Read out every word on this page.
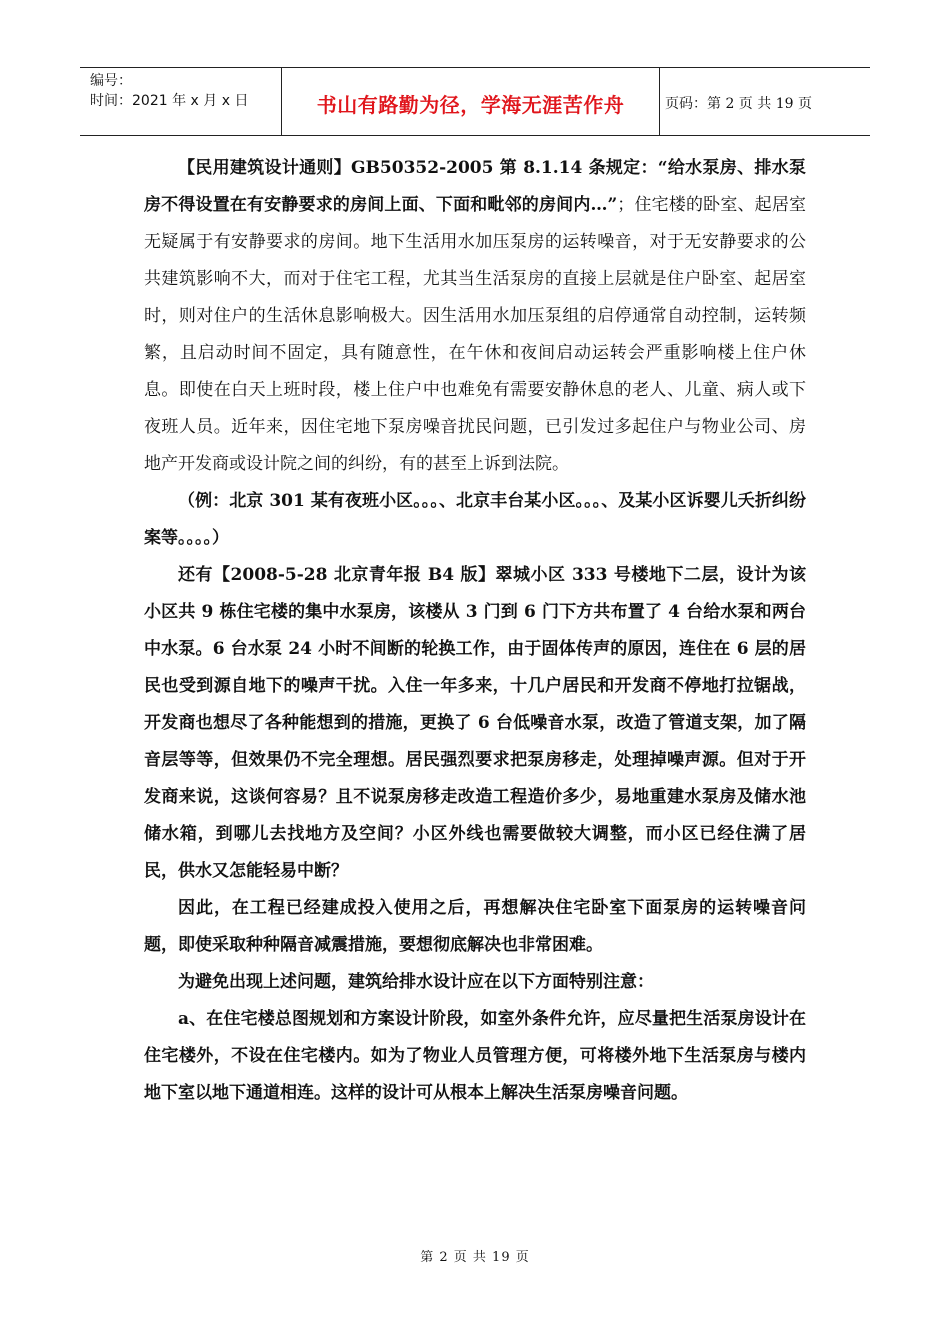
编号：
时间：2021 年 x 月 x 日	书山有路勤为径，学海无涯苦作舟	页码：第 2 页 共 19 页

【民用建筑设计通则】GB50352-2005 第 8.1.14 条规定：“给水泵房、排水泵房不得设置在有安静要求的房间上面、下面和毗邻的房间内…”；住宅楼的卧室、起居室无疑属于有安静要求的房间。地下生活用水加压泵房的运转噪音，对于无安静要求的公共建筑影响不大，而对于住宅工程，尤其当生活泵房的直接上层就是住户卧室、起居室时，则对住户的生活休息影响极大。因生活用水加压泵组的启停通常自动控制，运转频繁，且启动时间不固定，具有随意性，在午休和夜间启动运转会严重影响楼上住户休息。即使在白天上班时段，楼上住户中也难免有需要安静休息的老人、儿童、病人或下夜班人员。近年来，因住宅地下泵房噪音扰民问题，已引发过多起住户与物业公司、房地产开发商或设计院之间的纠纷，有的甚至上诉到法院。

（例：北京 301 某有夜班小区。。。、北京丰台某小区。。。、及某小区诉婴儿夭折纠纷案等。。。。）

还有【2008-5-28 北京青年报 B4 版】翠城小区 333 号楼地下二层，设计为该小区共 9 栋住宅楼的集中水泵房，该楼从 3 门到 6 门下方共布置了 4 台给水泵和两台中水泵。6 台水泵 24 小时不间断的轮换工作，由于固体传声的原因，连住在 6 层的居民也受到源自地下的噪声干扰。入住一年多来，十几户居民和开发商不停地打拉锯战，开发商也想尽了各种能想到的措施，更换了 6 台低噪音水泵，改造了管道支架，加了隔音层等等，但效果仍不完全理想。居民强烈要求把泵房移走，处理掉噪声源。但对于开发商来说，这谈何容易？且不说泵房移走改造工程造价多少，易地重建水泵房及储水池储水箱，到哪儿去找地方及空间？小区外线也需要做较大调整，而小区已经住满了居民，供水又怎能轻易中断？

因此，在工程已经建成投入使用之后，再想解决住宅卧室下面泵房的运转噪音问题，即使采取种种隔音减震措施，要想彻底解决也非常困难。

为避免出现上述问题，建筑给排水设计应在以下方面特别注意：

a、在住宅楼总图规划和方案设计阶段，如室外条件允许，应尽量把生活泵房设计在住宅楼外，不设在住宅楼内。如为了物业人员管理方便，可将楼外地下生活泵房与楼内地下室以地下通道相连。这样的设计可从根本上解决生活泵房噪音问题。

第 2 页 共 19 页
